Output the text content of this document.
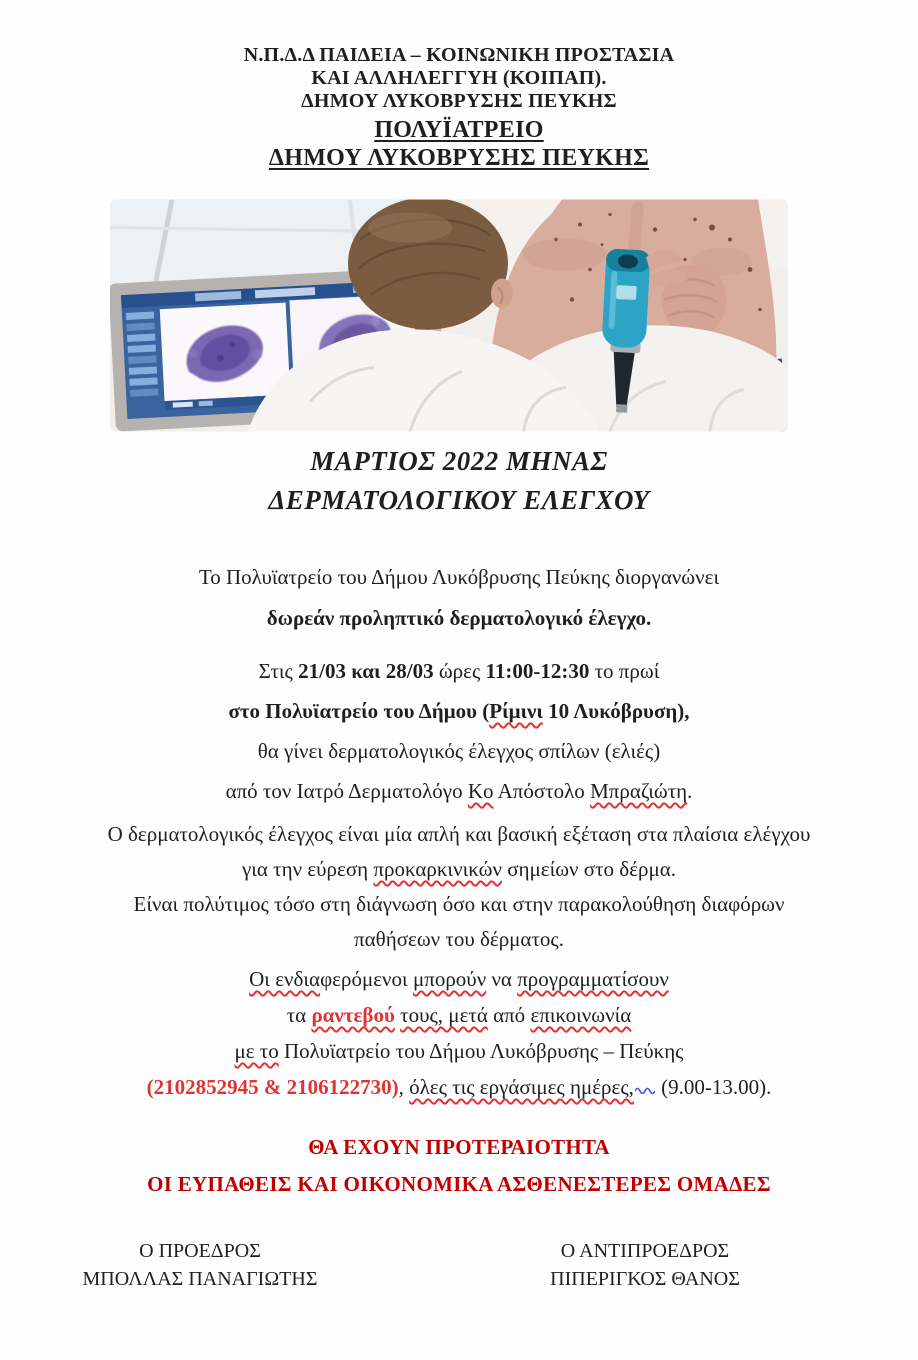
Ν.Π.Δ.Δ ΠΑΙΔΕΙΑ – ΚΟΙΝΩΝΙΚΗ ΠΡΟΣΤΑΣΙΑ
ΚΑΙ ΑΛΛΗΛΕΓΓΥΗ (ΚΟΙΠΑΠ).
ΔΗΜΟΥ ΛΥΚΟΒΡΥΣΗΣ ΠΕΥΚΗΣ
ΠΟΛΥΪΑΤΡΕΙΟ
ΔΗΜΟΥ ΛΥΚΟΒΡΥΣΗΣ ΠΕΥΚΗΣ
ΜΑΡΤΙΟΣ 2022 ΜΗΝΑΣ
ΔΕΡΜΑΤΟΛΟΓΙΚΟΥ ΕΛΕΓΧΟΥ
Το Πολυϊατρείο του Δήμου Λυκόβρυσης Πεύκης διοργανώνει
δωρεάν προληπτικό δερματολογικό έλεγχο.
Στις 21/03 και 28/03 ώρες 11:00-12:30 το πρωί
στο Πολυϊατρείο του Δήμου (Ρίμινι 10 Λυκόβρυση),
θα γίνει δερματολογικός έλεγχος σπίλων (ελιές)
από τον Ιατρό Δερματολόγο Κο Απόστολο Μπραζιώτη.
Ο δερματολογικός έλεγχος είναι μία απλή και βασική εξέταση στα πλαίσια ελέγχου
για την εύρεση προκαρκινικών σημείων στο δέρμα.
Είναι πολύτιμος τόσο στη διάγνωση όσο και στην παρακολούθηση διαφόρων
παθήσεων του δέρματος.
Οι ενδιαφερόμενοι μπορούν να προγραμματίσουν
τα ραντεβού τους, μετά από επικοινωνία
με το Πολυϊατρείο του Δήμου Λυκόβρυσης – Πεύκης
(2102852945 & 2106122730), όλες τις εργάσιμες ημέρες, (9.00-13.00).
ΘΑ ΕΧΟΥΝ ΠΡΟΤΕΡΑΙΟΤΗΤΑ
ΟΙ ΕΥΠΑΘΕΙΣ ΚΑΙ ΟΙΚΟΝΟΜΙΚΑ ΑΣΘΕΝΕΣΤΕΡΕΣ ΟΜΑΔΕΣ
Ο ΠΡΟΕΔΡΟΣ
ΜΠΟΛΛΑΣ ΠΑΝΑΓΙΩΤΗΣ
Ο ΑΝΤΙΠΡΟΕΔΡΟΣ
ΠΙΠΕΡΙΓΚΟΣ ΘΑΝΟΣ
